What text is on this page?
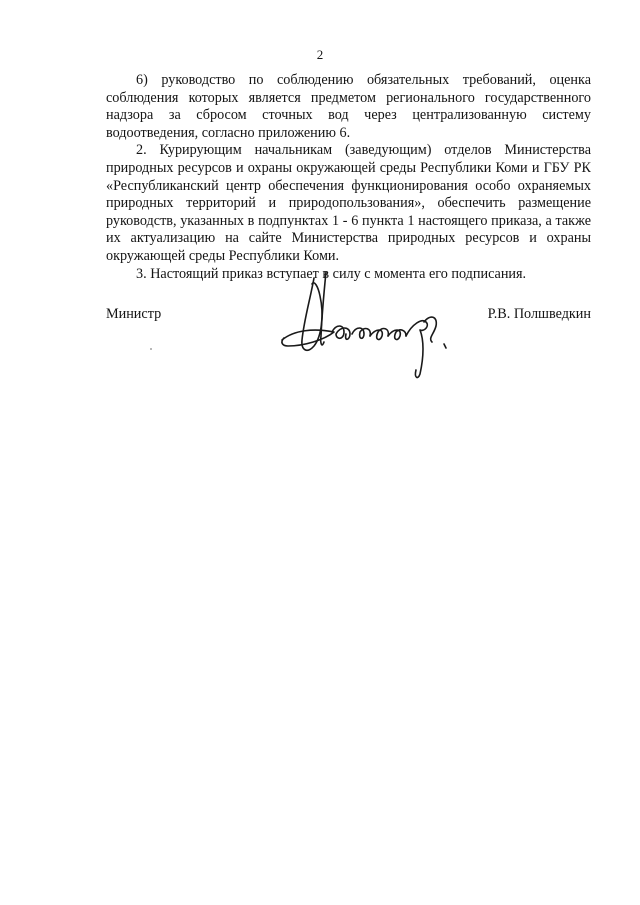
2

6) руководство по соблюдению обязательных требований, оценка соблюдения которых является предметом регионального государственного надзора за сбросом сточных вод через централизованную систему водоотведения, согласно приложению 6.

2. Курирующим начальникам (заведующим) отделов Министерства природных ресурсов и охраны окружающей среды Республики Коми и ГБУ РК «Республиканский центр обеспечения функционирования особо охраняемых природных территорий и природопользования», обеспечить размещение руководств, указанных в подпунктах 1 - 6 пункта 1 настоящего приказа, а также их актуализацию на сайте Министерства природных ресурсов и охраны окружающей среды Республики Коми.

3. Настоящий приказ вступает в силу с момента его подписания.

Министр	Р.В. Полшведкин
